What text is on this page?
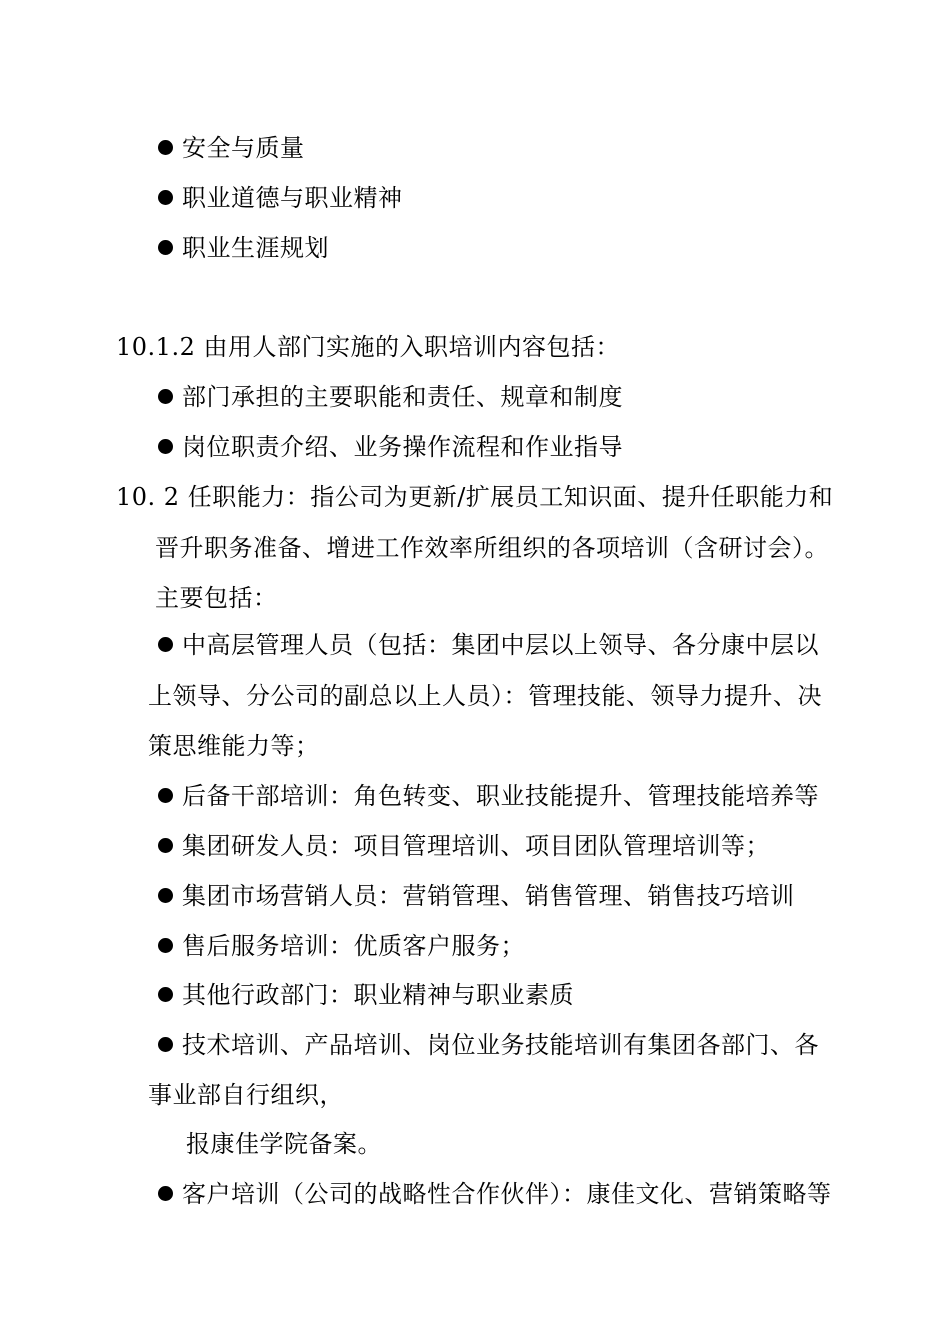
安全与质量
职业道德与职业精神
职业生涯规划
10.1.2 由用人部门实施的入职培训内容包括：
部门承担的主要职能和责任、规章和制度
岗位职责介绍、业务操作流程和作业指导
10. 2 任职能力：指公司为更新/扩展员工知识面、提升任职能力和
晋升职务准备、增进工作效率所组织的各项培训（含研讨会）。
主要包括：
中高层管理人员（包括：集团中层以上领导、各分康中层以
上领导、分公司的副总以上人员）：管理技能、领导力提升、决
策思维能力等；
后备干部培训：角色转变、职业技能提升、管理技能培养等
集团研发人员：项目管理培训、项目团队管理培训等；
集团市场营销人员：营销管理、销售管理、销售技巧培训
售后服务培训：优质客户服务；
其他行政部门：职业精神与职业素质
技术培训、产品培训、岗位业务技能培训有集团各部门、各
事业部自行组织，
报康佳学院备案。
客户培训（公司的战略性合作伙伴）：康佳文化、营销策略等
